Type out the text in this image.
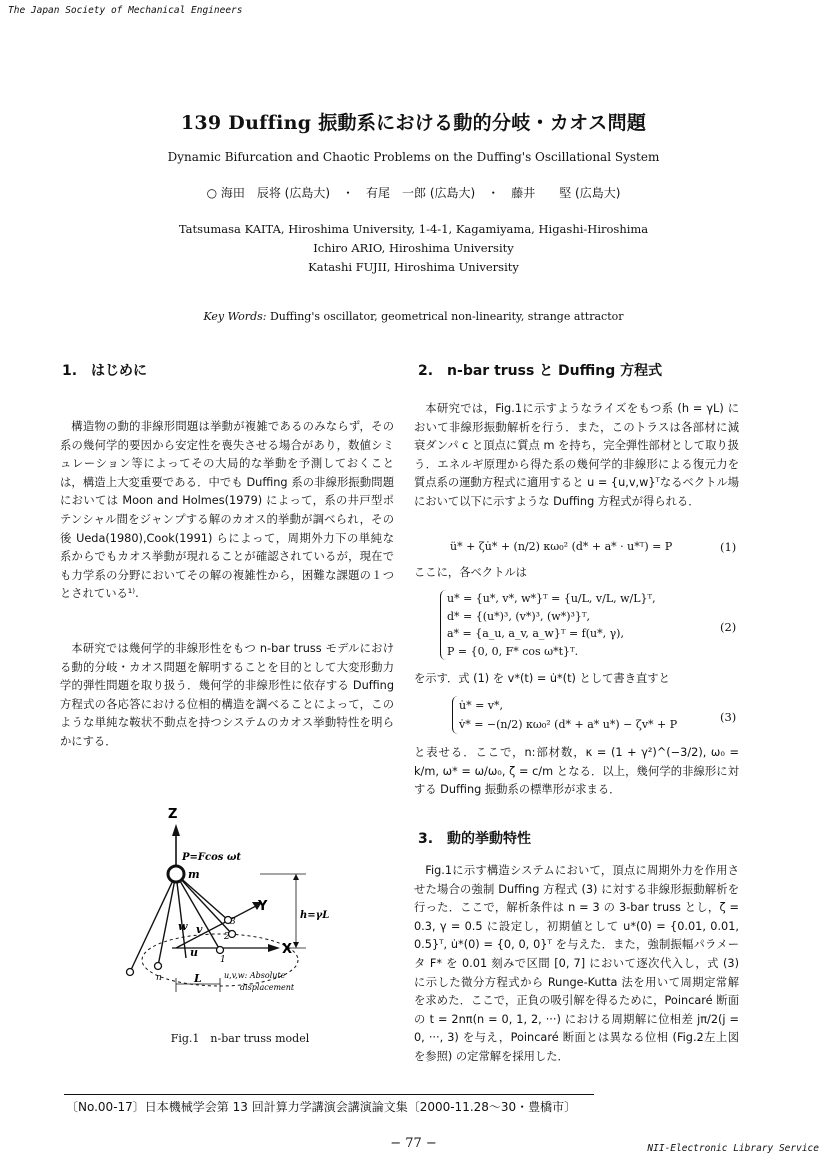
The Japan Society of Mechanical Engineers
NII-Electronic Library Service
139 Duffing 振動系における動的分岐・カオス問題
Dynamic Bifurcation and Chaotic Problems on the Duffing's Oscillational System
○ 海田　辰将 (広島大)　・　有尾　一郎 (広島大)　・　藤井　　堅 (広島大)
Tatsumasa KAITA, Hiroshima University, 1-4-1, Kagamiyama, Higashi-Hiroshima
Ichiro ARIO, Hiroshima University
Katashi FUJII, Hiroshima University
Key Words: Duffing's oscillator, geometrical non-linearity, strange attractor
1.　はじめに
構造物の動的非線形問題は挙動が複雑であるのみならず，その系の幾何学的要因から安定性を喪失させる場合があり，数値シミュレーション等によってその大局的な挙動を予測しておくことは，構造上大変重要である．中でも Duffing 系の非線形振動問題においては Moon and Holmes(1979) によって，系の井戸型ポテンシャル間をジャンプする解のカオス的挙動が調べられ，その後 Ueda(1980),Cook(1991) らによって，周期外力下の単純な系からでもカオス挙動が現れることが確認されているが，現在でも力学系の分野においてその解の複雑性から，困難な課題の１つとされている¹⁾.
本研究では幾何学的非線形性をもつ n-bar truss モデルにおける動的分岐・カオス問題を解明することを目的として大変形動力学的弾性問題を取り扱う．幾何学的非線形性に依存する Duffing 方程式の各応答における位相的構造を調べることによって，このような単純な鞍状不動点を持つシステムのカオス挙動特性を明らかにする．
Z
P=Fcos ωt
m
Y
X
h=γL
w v
u
L
1
2
3
n	u,v,w: Absolute
displacement
Fig.1　n-bar truss model
2.　n-bar truss と Duffing 方程式
本研究では，Fig.1に示すようなライズをもつ系 (h = γL) において非線形振動解析を行う．また，このトラスは各部材に減衰ダンパ c と頂点に質点 m を持ち，完全弾性部材として取り扱う．エネルギ原理から得た系の幾何学的非線形による復元力を質点系の運動方程式に適用すると u = {u,v,w}ᵀなるベクトル場において以下に示すような Duffing 方程式が得られる．
ü* + ζu̇* + (n/2) κω₀² (d* + a* · u*ᵀ) = P	(1)
ここに，各ベクトルは
u* = {u*, v*, w*}ᵀ = {u/L, v/L, w/L}ᵀ,
d* = {(u*)³, (v*)³, (w*)³}ᵀ,
a* = {a_u, a_v, a_w}ᵀ = f(u*, γ),
P = {0, 0, F* cos ω*t}ᵀ.
(2)
を示す．式 (1) を v*(t) = u̇*(t) として書き直すと
u̇* = v*,
v̇* = −(n/2) κω₀² (d* + a* u*) − ζv* + P
(3)
と表せる．ここで，n:部材数，κ = (1 + γ²)^(−3/2), ω₀ = k/m, ω* = ω/ω₀, ζ = c/m となる．以上，幾何学的非線形に対する Duffing 振動系の標準形が求まる．
3.　動的挙動特性
Fig.1に示す構造システムにおいて，頂点に周期外力を作用させた場合の強制 Duffing 方程式 (3) に対する非線形振動解析を行った．ここで，解析条件は n = 3 の 3-bar truss とし，ζ = 0.3, γ = 0.5 に設定し，初期値として u*(0) = {0.01, 0.01, 0.5}ᵀ, u̇*(0) = {0, 0, 0}ᵀ を与えた．また，強制振幅パラメータ F* を 0.01 刻みで区間 [0, 7] において逐次代入し，式 (3) に示した微分方程式から Runge-Kutta 法を用いて周期定常解を求めた．ここで，正負の吸引解を得るために，Poincaré 断面の t = 2nπ(n = 0, 1, 2, ···) における周期解に位相差 jπ/2(j = 0, ···, 3) を与え，Poincaré 断面とは異なる位相 (Fig.2左上図を参照) の定常解を採用した．
〔No.00-17〕日本機械学会第 13 回計算力学講演会講演論文集〔2000-11.28〜30・豊橋市〕
− 77 −
